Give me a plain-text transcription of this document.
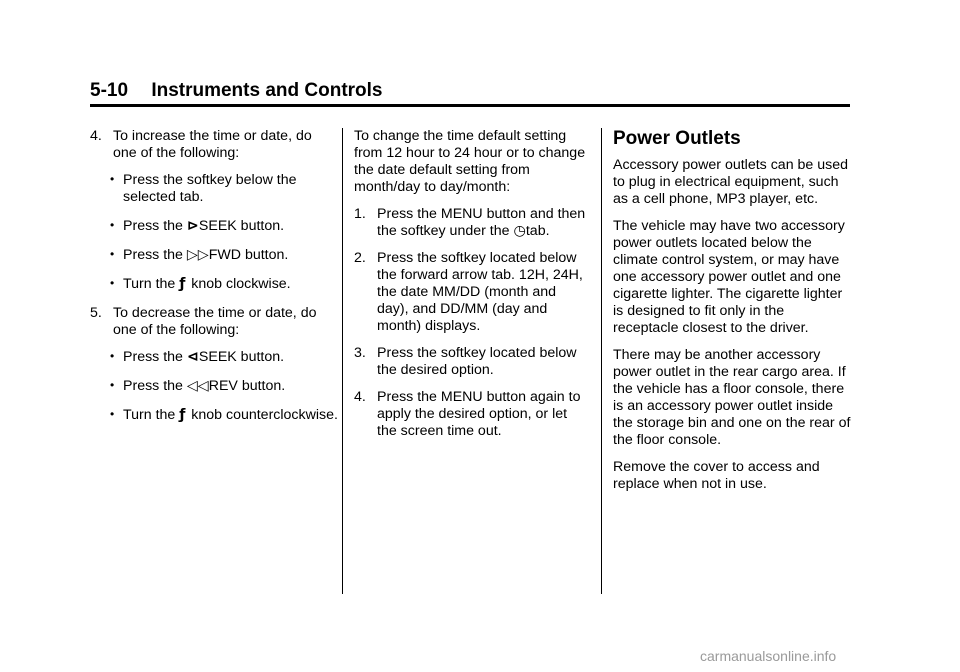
5-10 Instruments and Controls
4. To increase the time or date, do one of the following:
• Press the softkey below the selected tab.
• Press the ⊳SEEK button.
• Press the ▷▷FWD button.
• Turn the ƒ knob clockwise.
5. To decrease the time or date, do one of the following:
• Press the ⊲SEEK button.
• Press the ◁◁REV button.
• Turn the ƒ knob counterclockwise.

To change the time default setting from 12 hour to 24 hour or to change the date default setting from month/day to day/month:

1. Press the MENU button and then the softkey under the ◷tab.
2. Press the softkey located below the forward arrow tab. 12H, 24H, the date MM/DD (month and day), and DD/MM (day and month) displays.
3. Press the softkey located below the desired option.
4. Press the MENU button again to apply the desired option, or let the screen time out.
Power Outlets

Accessory power outlets can be used to plug in electrical equipment, such as a cell phone, MP3 player, etc.

The vehicle may have two accessory power outlets located below the climate control system, or may have one accessory power outlet and one cigarette lighter. The cigarette lighter is designed to fit only in the receptacle closest to the driver.

There may be another accessory power outlet in the rear cargo area. If the vehicle has a floor console, there is an accessory power outlet inside the storage bin and one on the rear of the floor console.

Remove the cover to access and replace when not in use.

carmanualsonline.info
